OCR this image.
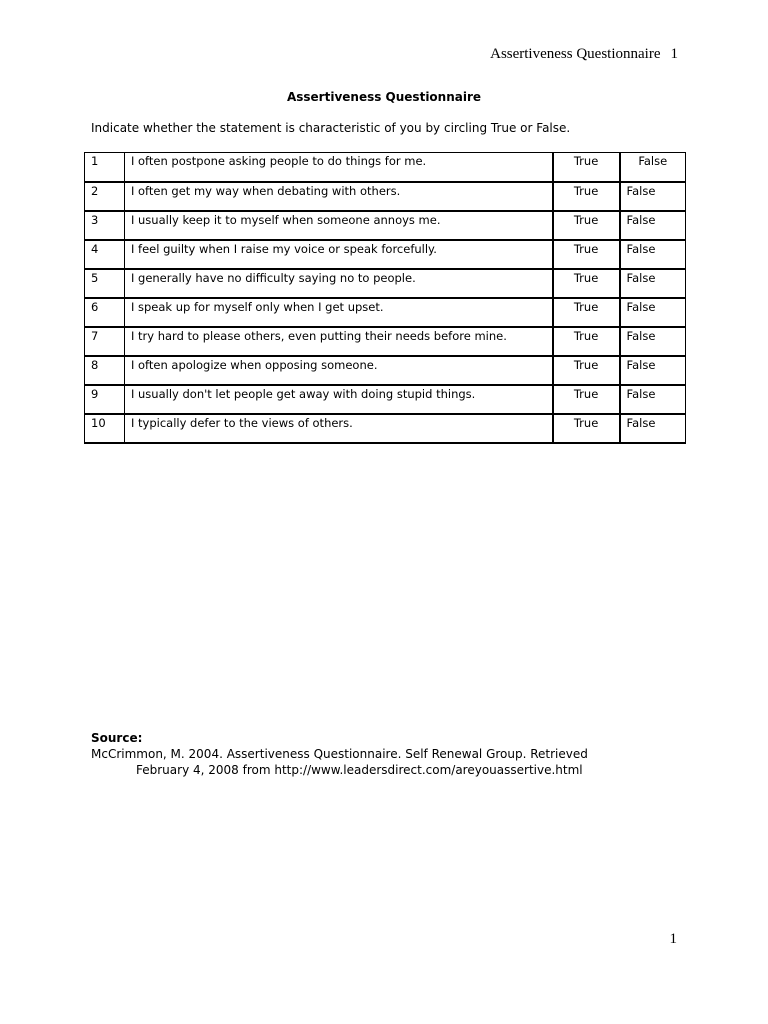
Assertiveness Questionnaire 1
Assertiveness Questionnaire
Indicate whether the statement is characteristic of you by circling True or False.
1	I often postpone asking people to do things for me.	True	False
2	I often get my way when debating with others.	True	False
3	I usually keep it to myself when someone annoys me.	True	False
4	I feel guilty when I raise my voice or speak forcefully.	True	False
5	I generally have no difficulty saying no to people.	True	False
6	I speak up for myself only when I get upset.	True	False
7	I try hard to please others, even putting their needs before mine.	True	False
8	I often apologize when opposing someone.	True	False
9	I usually don't let people get away with doing stupid things.	True	False
10	I typically defer to the views of others.	True	False
Source:
McCrimmon, M. 2004. Assertiveness Questionnaire. Self Renewal Group. Retrieved
February 4, 2008 from http://www.leadersdirect.com/areyouassertive.html
1
